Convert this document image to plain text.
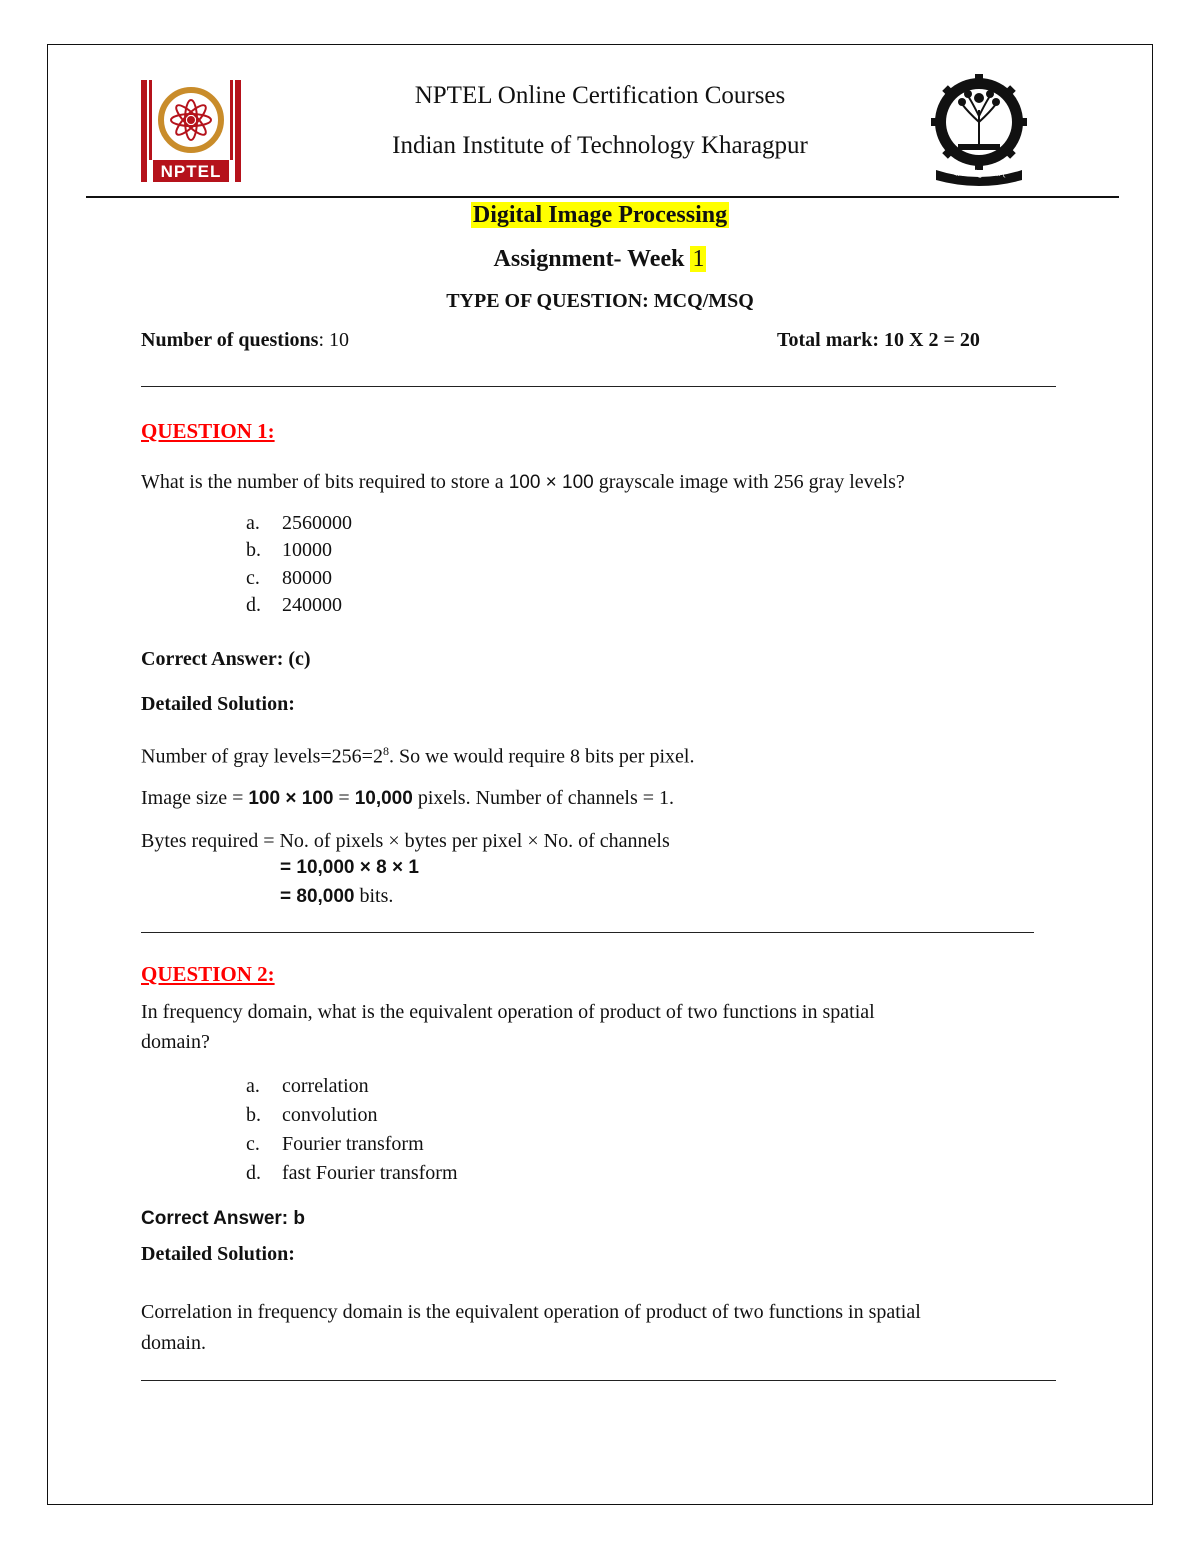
NPTEL	योगः कर्मसु कौशलम्
NPTEL Online Certification Courses
Indian Institute of Technology Kharagpur
Digital Image Processing
Assignment- Week 1
TYPE OF QUESTION: MCQ/MSQ
Number of questions: 10	Total mark: 10 X 2 = 20
QUESTION 1:
What is the number of bits required to store a 100 × 100 grayscale image with 256 gray levels?
a. 2560000
b. 10000
c. 80000
d. 240000
Correct Answer: (c)
Detailed Solution:
Number of gray $levels=256=2^8$. So we would require 8 bits per pixel.
Image size = 100 × 100 = 10,000 pixels. Number of channels = 1.
Bytes required = No. of pixels × bytes per pixel × No. of channels
= 10,000 × 8 × 1
= 80,000 bits.
QUESTION 2:
In frequency domain, what is the equivalent operation of product of two functions in spatial
domain?
a. correlation
b. convolution
c. Fourier transform
d. fast Fourier transform
Correct Answer: b
Detailed Solution:
Correlation in frequency domain is the equivalent operation of product of two functions in spatial
domain.
